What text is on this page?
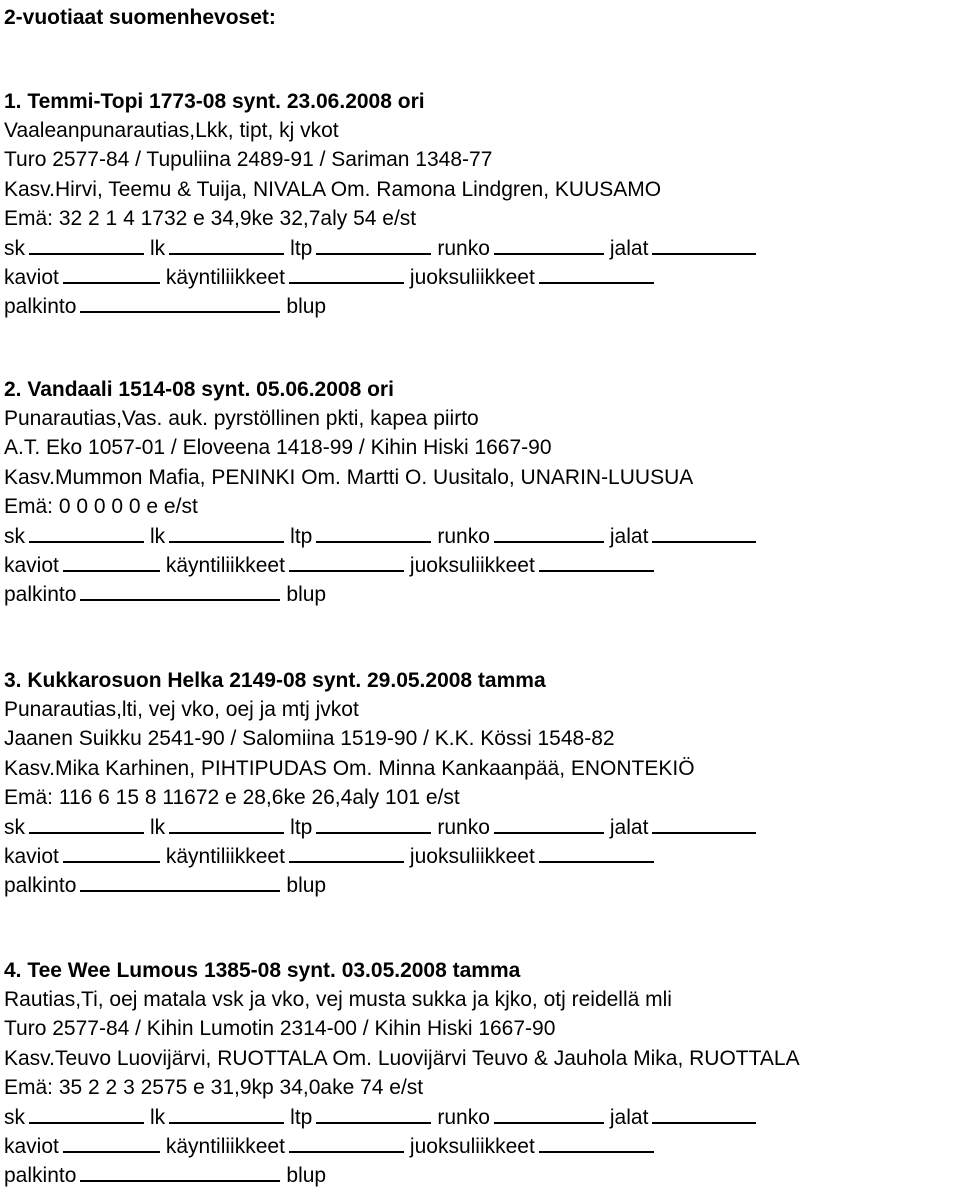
2-vuotiaat suomenhevoset:
1. Temmi-Topi 1773-08 synt. 23.06.2008 ori
Vaaleanpunarautias,Lkk, tipt, kj vkot
Turo 2577-84 / Tupuliina 2489-91 / Sariman 1348-77
Kasv.Hirvi, Teemu & Tuija, NIVALA Om. Ramona Lindgren, KUUSAMO
Emä: 32 2 1 4 1732 e 34,9ke 32,7aly 54 e/st
sk	lk	ltp	runko	jalat
kaviot	käyntiliikkeet	juoksuliikkeet
palkinto	blup
2. Vandaali 1514-08 synt. 05.06.2008 ori
Punarautias,Vas. auk. pyrstöllinen pkti, kapea piirto
A.T. Eko 1057-01 / Eloveena 1418-99 / Kihin Hiski 1667-90
Kasv.Mummon Mafia, PENINKI Om. Martti O. Uusitalo, UNARIN-LUUSUA
Emä: 0 0 0 0 0 e e/st
sk	lk	ltp	runko	jalat
kaviot	käyntiliikkeet	juoksuliikkeet
palkinto	blup
3. Kukkarosuon Helka 2149-08 synt. 29.05.2008 tamma
Punarautias,lti, vej vko, oej ja mtj jvkot
Jaanen Suikku 2541-90 / Salomiina 1519-90 / K.K. Kössi 1548-82
Kasv.Mika Karhinen, PIHTIPUDAS Om. Minna Kankaanpää, ENONTEKIÖ
Emä: 116 6 15 8 11672 e 28,6ke 26,4aly 101 e/st
sk	lk	ltp	runko	jalat
kaviot	käyntiliikkeet	juoksuliikkeet
palkinto	blup
4. Tee Wee Lumous 1385-08 synt. 03.05.2008 tamma
Rautias,Ti, oej matala vsk ja vko, vej musta sukka ja kjko, otj reidellä mli
Turo 2577-84 / Kihin Lumotin 2314-00 / Kihin Hiski 1667-90
Kasv.Teuvo Luovijärvi, RUOTTALA Om. Luovijärvi Teuvo & Jauhola Mika, RUOTTALA
Emä: 35 2 2 3 2575 e 31,9kp 34,0ake 74 e/st
sk	lk	ltp	runko	jalat
kaviot	käyntiliikkeet	juoksuliikkeet
palkinto	blup
